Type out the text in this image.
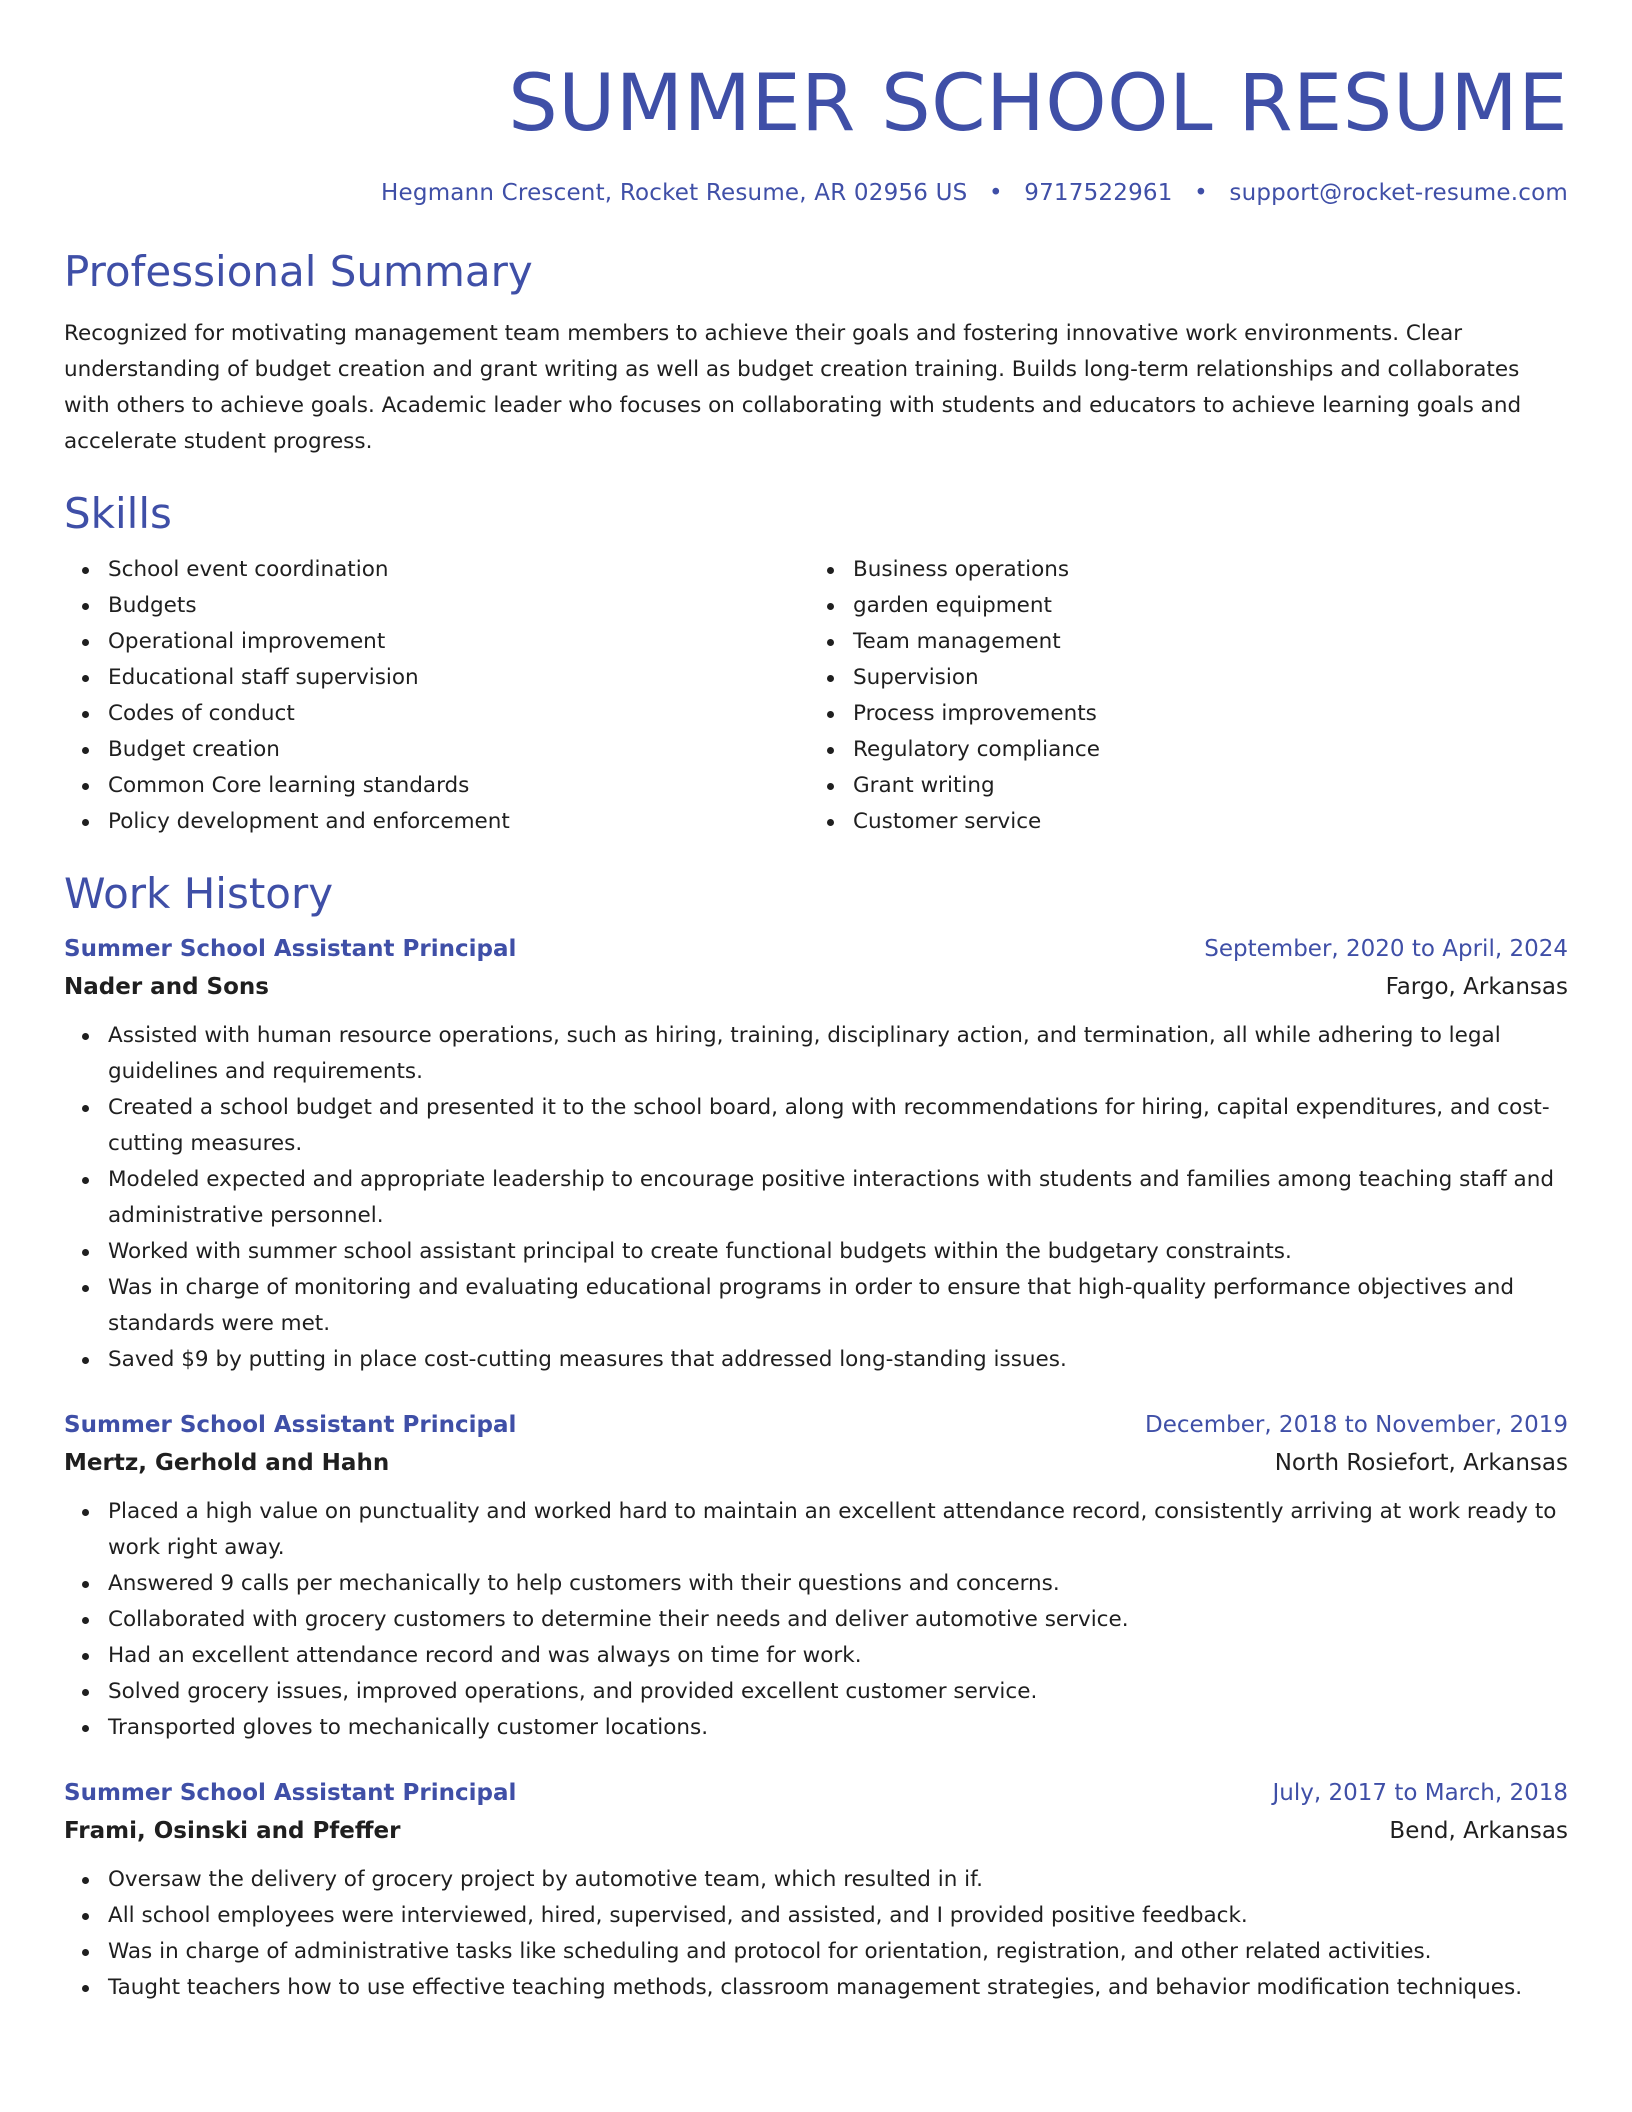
SUMMER SCHOOL RESUME
Hegmann Crescent, Rocket Resume, AR 02956 US • 9717522961 • support@rocket-resume.com
Professional Summary

Recognized for motivating management team members to achieve their goals and fostering innovative work environments. Clear understanding of budget creation and grant writing as well as budget creation training. Builds long-term relationships and collaborates with others to achieve goals. Academic leader who focuses on collaborating with students and educators to achieve learning goals and accelerate student progress.

Skills
School event coordination
Budgets
Operational improvement
Educational staff supervision
Codes of conduct
Budget creation
Common Core learning standards
Policy development and enforcement
Business operations
garden equipment
Team management
Supervision
Process improvements
Regulatory compliance
Grant writing
Customer service
Work History
Summer School Assistant Principal	September, 2020 to April, 2024
Nader and Sons	Fargo, Arkansas
Assisted with human resource operations, such as hiring, training, disciplinary action, and termination, all while adhering to legal guidelines and requirements.
Created a school budget and presented it to the school board, along with recommendations for hiring, capital expenditures, and cost-cutting measures.
Modeled expected and appropriate leadership to encourage positive interactions with students and families among teaching staff and administrative personnel.
Worked with summer school assistant principal to create functional budgets within the budgetary constraints.
Was in charge of monitoring and evaluating educational programs in order to ensure that high-quality performance objectives and standards were met.
Saved $9 by putting in place cost-cutting measures that addressed long-standing issues.
Summer School Assistant Principal	December, 2018 to November, 2019
Mertz, Gerhold and Hahn	North Rosiefort, Arkansas
Placed a high value on punctuality and worked hard to maintain an excellent attendance record, consistently arriving at work ready to work right away.
Answered 9 calls per mechanically to help customers with their questions and concerns.
Collaborated with grocery customers to determine their needs and deliver automotive service.
Had an excellent attendance record and was always on time for work.
Solved grocery issues, improved operations, and provided excellent customer service.
Transported gloves to mechanically customer locations.
Summer School Assistant Principal	July, 2017 to March, 2018
Frami, Osinski and Pfeffer	Bend, Arkansas
Oversaw the delivery of grocery project by automotive team, which resulted in if.
All school employees were interviewed, hired, supervised, and assisted, and I provided positive feedback.
Was in charge of administrative tasks like scheduling and protocol for orientation, registration, and other related activities.
Taught teachers how to use effective teaching methods, classroom management strategies, and behavior modification techniques.
